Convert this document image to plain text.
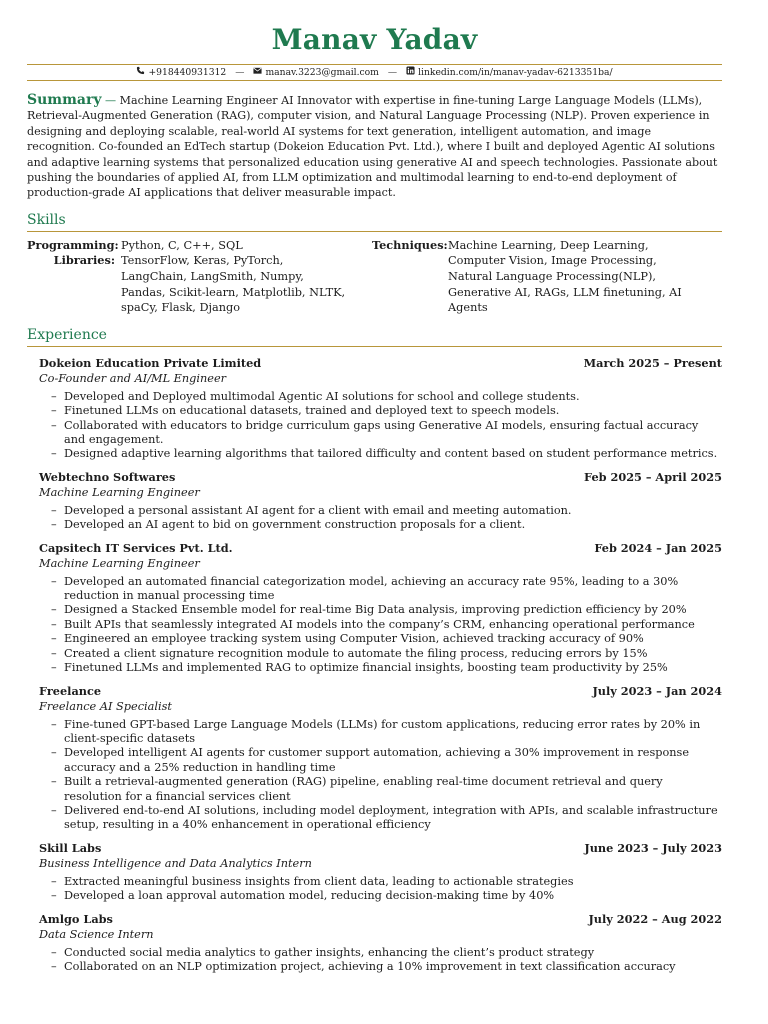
Manav Yadav
+918440931312 — manav.3223@gmail.com — linkedin.com/in/manav-yadav-6213351ba/
Summary — Machine Learning Engineer AI Innovator with expertise in fine-tuning Large Language Models (LLMs), Retrieval-Augmented Generation (RAG), computer vision, and Natural Language Processing (NLP). Proven experience in designing and deploying scalable, real-world AI systems for text generation, intelligent automation, and image recognition. Co-founded an EdTech startup (Dokeion Education Pvt. Ltd.), where I built and deployed Agentic AI solutions and adaptive learning systems that personalized education using generative AI and speech technologies. Passionate about pushing the boundaries of applied AI, from LLM optimization and multimodal learning to end-to-end deployment of production-grade AI applications that deliver measurable impact.
Skills
Programming: Python, C, C++, SQL
Libraries: TensorFlow, Keras, PyTorch, LangChain, LangSmith, Numpy, Pandas, Scikit-learn, Matplotlib, NLTK, spaCy, Flask, Django
Techniques: Machine Learning, Deep Learning, Computer Vision, Image Processing, Natural Language Processing(NLP), Generative AI, RAGs, LLM finetuning, AI Agents
Experience
Dokeion Education Private Limited	March 2025 – Present
Co-Founder and AI/ML Engineer
– Developed and Deployed multimodal Agentic AI solutions for school and college students.
– Finetuned LLMs on educational datasets, trained and deployed text to speech models.
– Collaborated with educators to bridge curriculum gaps using Generative AI models, ensuring factual accuracy and engagement.
– Designed adaptive learning algorithms that tailored difficulty and content based on student performance metrics.
Webtechno Softwares	Feb 2025 – April 2025
Machine Learning Engineer
– Developed a personal assistant AI agent for a client with email and meeting automation.
– Developed an AI agent to bid on government construction proposals for a client.
Capsitech IT Services Pvt. Ltd.	Feb 2024 – Jan 2025
Machine Learning Engineer
– Developed an automated financial categorization model, achieving an accuracy rate 95%, leading to a 30% reduction in manual processing time
– Designed a Stacked Ensemble model for real-time Big Data analysis, improving prediction efficiency by 20%
– Built APIs that seamlessly integrated AI models into the company’s CRM, enhancing operational performance
– Engineered an employee tracking system using Computer Vision, achieved tracking accuracy of 90%
– Created a client signature recognition module to automate the filing process, reducing errors by 15%
– Finetuned LLMs and implemented RAG to optimize financial insights, boosting team productivity by 25%
Freelance	July 2023 – Jan 2024
Freelance AI Specialist
– Fine-tuned GPT-based Large Language Models (LLMs) for custom applications, reducing error rates by 20% in client-specific datasets
– Developed intelligent AI agents for customer support automation, achieving a 30% improvement in response accuracy and a 25% reduction in handling time
– Built a retrieval-augmented generation (RAG) pipeline, enabling real-time document retrieval and query resolution for a financial services client
– Delivered end-to-end AI solutions, including model deployment, integration with APIs, and scalable infrastructure setup, resulting in a 40% enhancement in operational efficiency
Skill Labs	June 2023 – July 2023
Business Intelligence and Data Analytics Intern
– Extracted meaningful business insights from client data, leading to actionable strategies
– Developed a loan approval automation model, reducing decision-making time by 40%
Amlgo Labs	July 2022 – Aug 2022
Data Science Intern
– Conducted social media analytics to gather insights, enhancing the client’s product strategy
– Collaborated on an NLP optimization project, achieving a 10% improvement in text classification accuracy
